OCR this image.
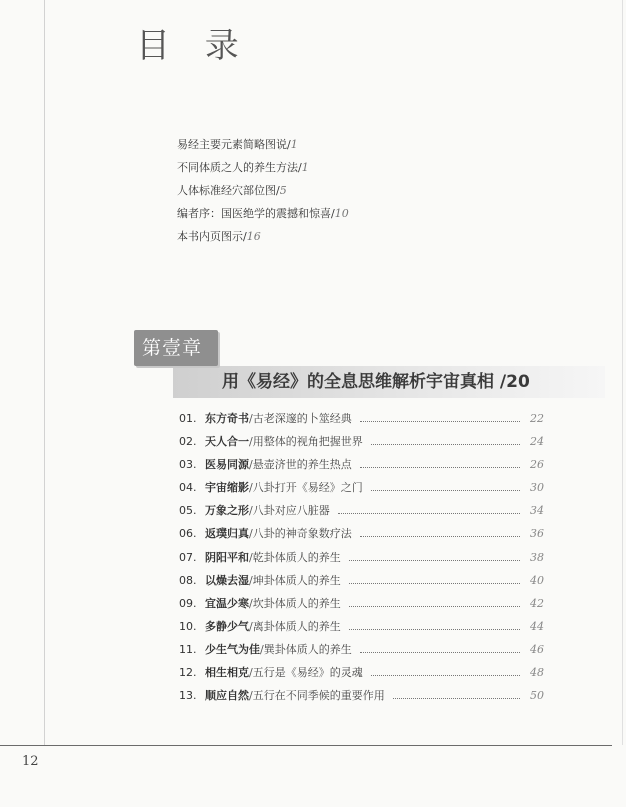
目 录
易经主要元素简略图说/1
不同体质之人的养生方法/1
人体标准经穴部位图/5
编者序：国医绝学的震撼和惊喜/10
本书内页图示/16
第壹章
用《易经》的全息思维解析宇宙真相 /20
01. 东方奇书 / 古老深邃的卜筮经典	22
02. 天人合一 / 用整体的视角把握世界	24
03. 医易同源 / 悬壶济世的养生热点	26
04. 宇宙缩影 / 八卦打开《易经》之门	30
05. 万象之形 / 八卦对应八脏器	34
06. 返璞归真 / 八卦的神奇象数疗法	36
07. 阴阳平和 / 乾卦体质人的养生	38
08. 以燥去湿 / 坤卦体质人的养生	40
09. 宜温少寒 / 坎卦体质人的养生	42
10. 多静少气 / 离卦体质人的养生	44
11. 少生气为佳 / 巽卦体质人的养生	46
12. 相生相克 / 五行是《易经》的灵魂	48
13. 顺应自然 / 五行在不同季候的重要作用	50
12
